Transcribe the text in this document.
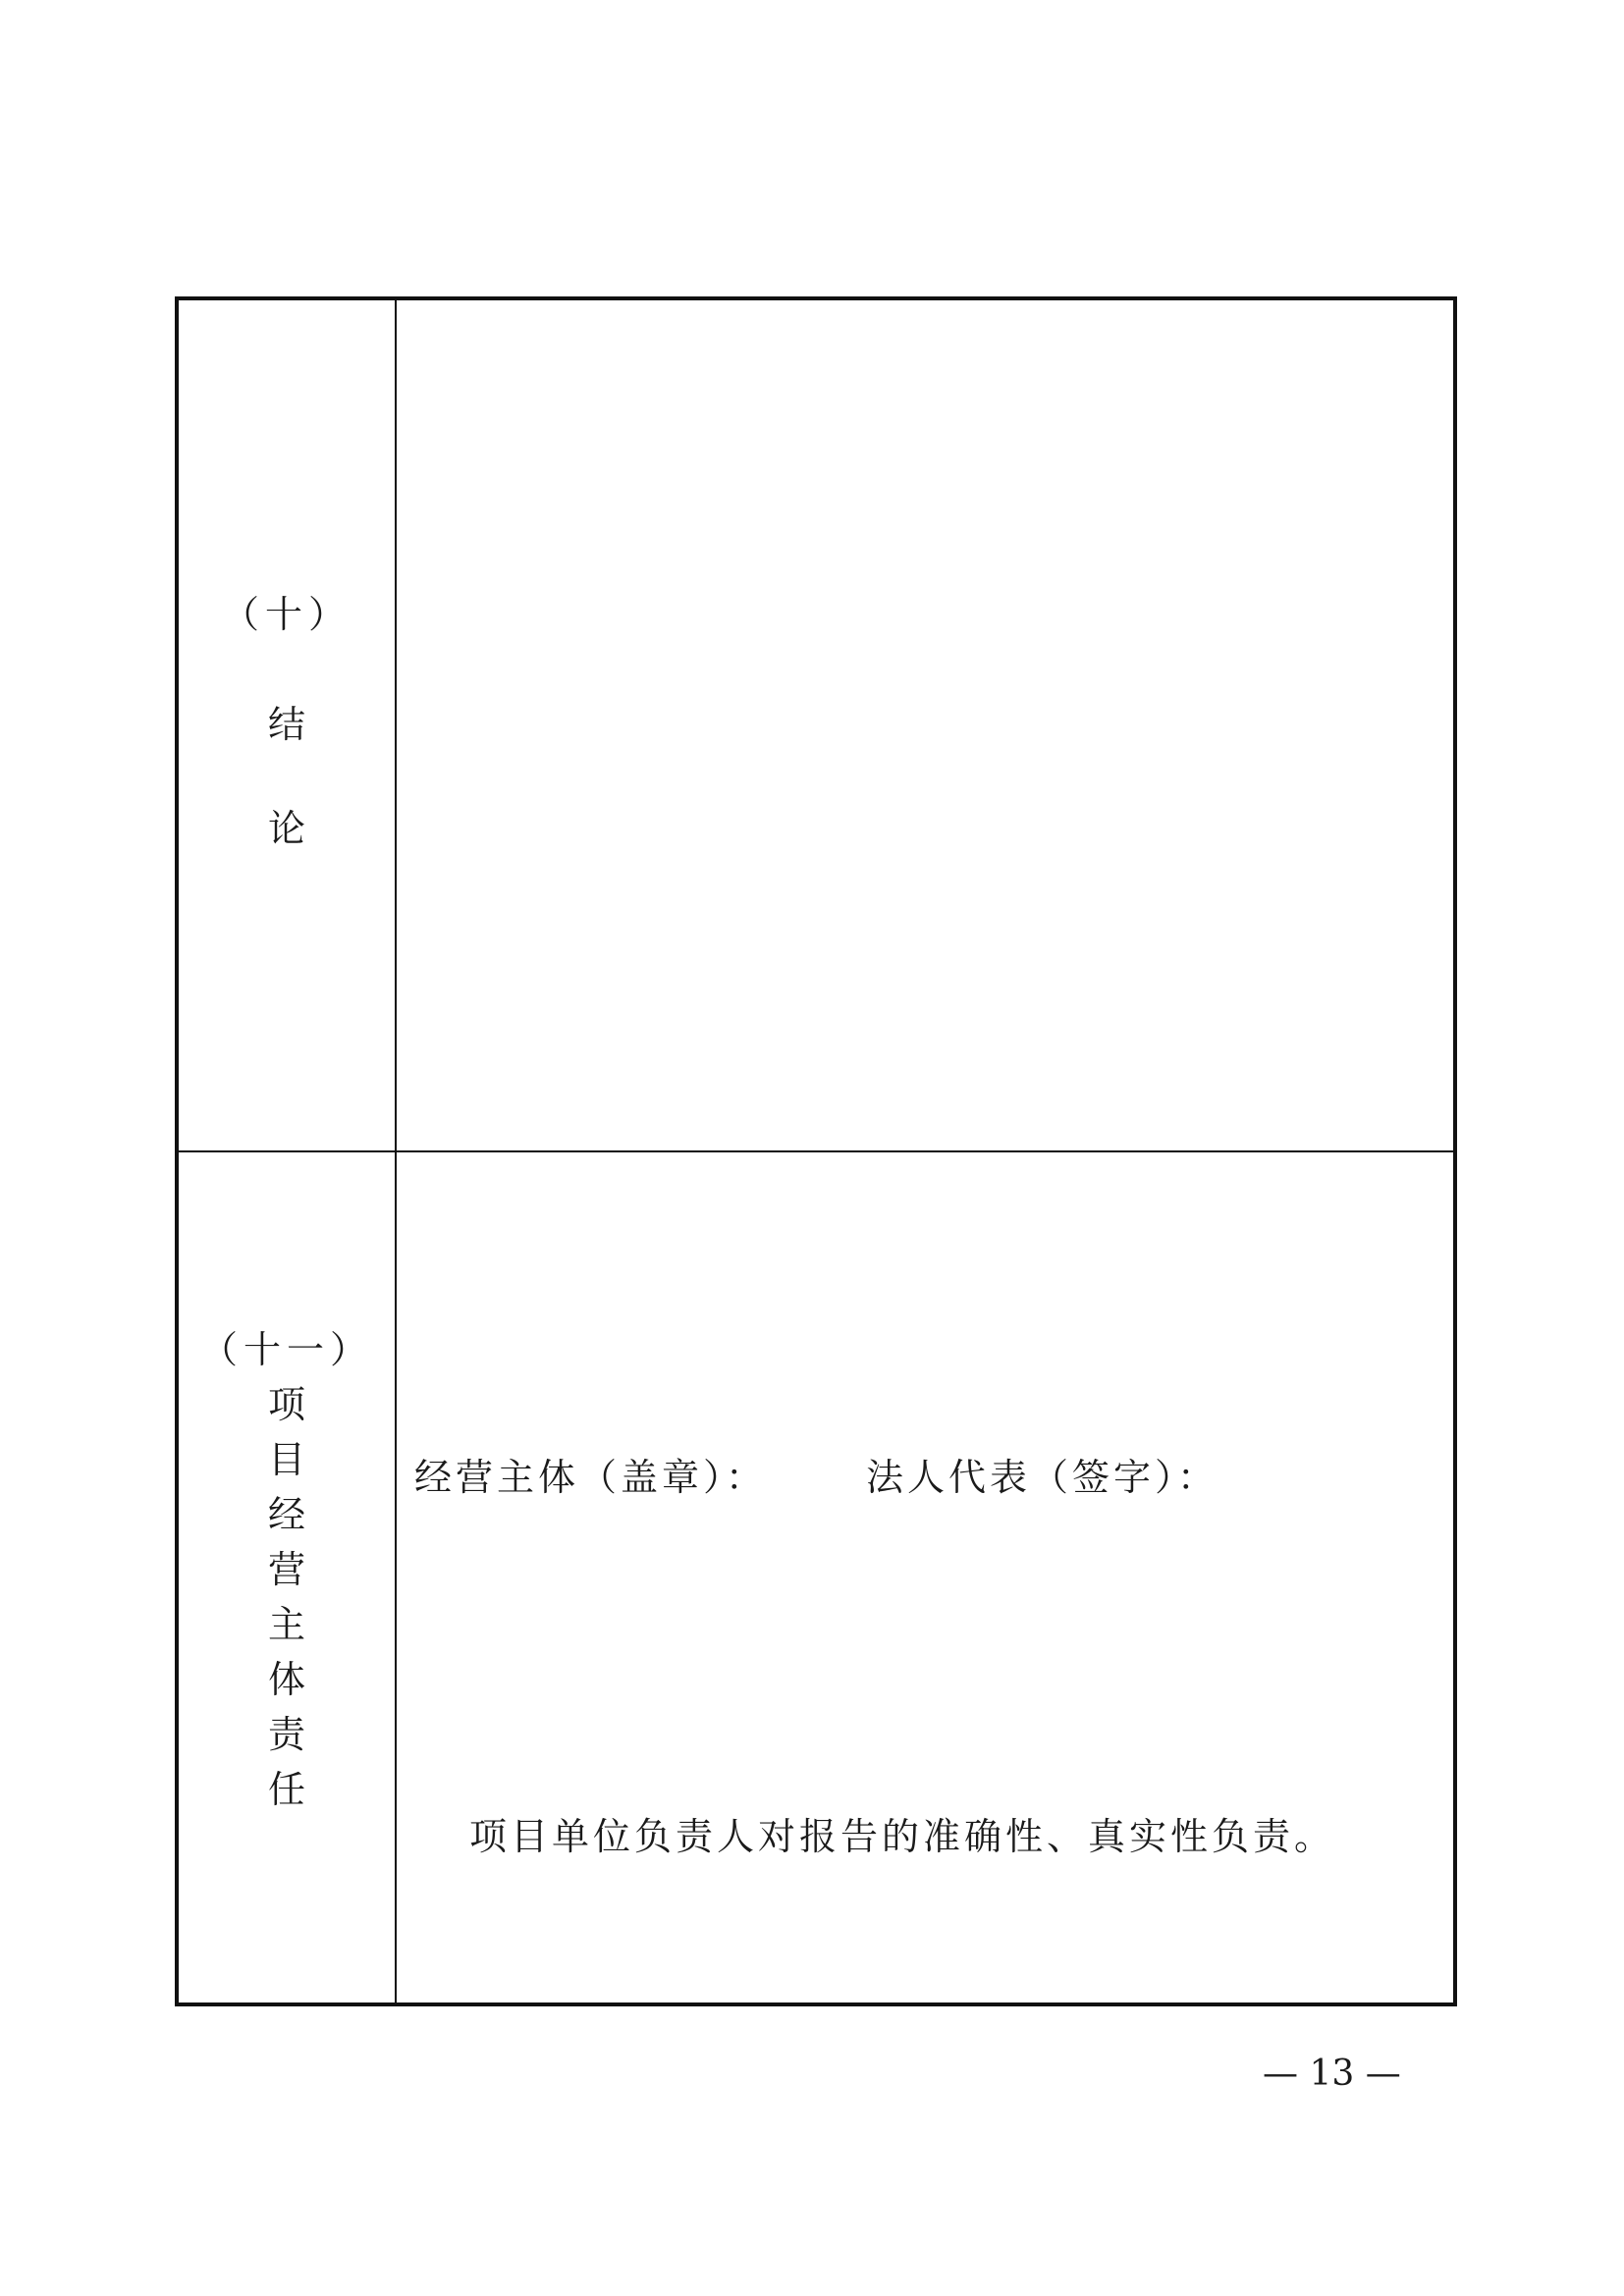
（十）
结
论
（十一）
项
目
经
营
主
体
责
任
经营主体（盖章）：	法人代表（签字）：
项目单位负责人对报告的准确性、真实性负责。
— 13 —
